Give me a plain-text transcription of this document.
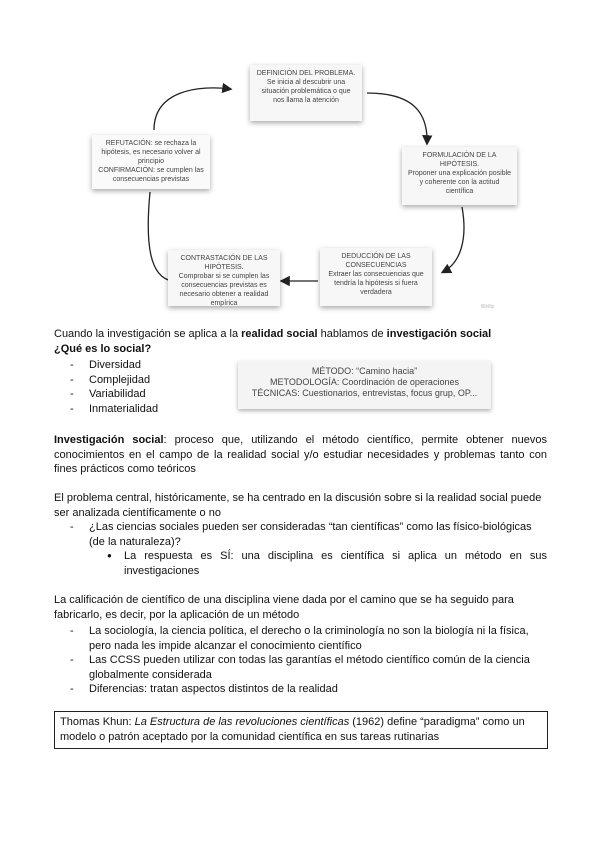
DEFINICIÓN DEL PROBLEMA.
Se inicia al descubrir una situación problemática o que nos llama la atención
FORMULACIÓN DE LA HIPÓTESIS.
Proponer una explicación posible y coherente con la actitud científica
DEDUCCIÓN DE LAS CONSECUENCIAS
Extraer las consecuencias que tendría la hipótesis si fuera verdadera
CONTRASTACIÓN DE LAS HIPÓTESIS.
Comprobar si se cumplen las consecuencias previstas es necesario obtener a realidad empírica
REFUTACIÓN: se rechaza la hipótesis, es necesario volver al principio
CONFIRMACIÓN: se cumplen las consecuencias previstas
lllllrlllp
Cuando la investigación se aplica a la realidad social hablamos de investigación social
¿Qué es lo social?
- Diversidad
- Complejidad
- Variabilidad
- Inmaterialidad
MÉTODO: “Camino hacia”
METODOLOGÍA: Coordinación de operaciones
TÉCNICAS: Cuestionarios, entrevistas, focus grup, OP...
Investigación social: proceso que, utilizando el método científico, permite obtener nuevos conocimientos en el campo de la realidad social y/o estudiar necesidades y problemas tanto con fines prácticos como teóricos
El problema central, históricamente, se ha centrado en la discusión sobre si la realidad social puede ser analizada científicamente o no
- ¿Las ciencias sociales pueden ser consideradas “tan científicas” como las físico-biológicas (de la naturaleza)?
● La respuesta es SÍ: una disciplina es científica si aplica un método en sus investigaciones
La calificación de científico de una disciplina viene dada por el camino que se ha seguido para fabricarlo, es decir, por la aplicación de un método
- La sociología, la ciencia política, el derecho o la criminología no son la biología ni la física, pero nada les impide alcanzar el conocimiento científico
- Las CCSS pueden utilizar con todas las garantías el método científico común de la ciencia globalmente considerada
- Diferencias: tratan aspectos distintos de la realidad
Thomas Khun: La Estructura de las revoluciones científicas (1962) define “paradigma” como un modelo o patrón aceptado por la comunidad científica en sus tareas rutinarias
